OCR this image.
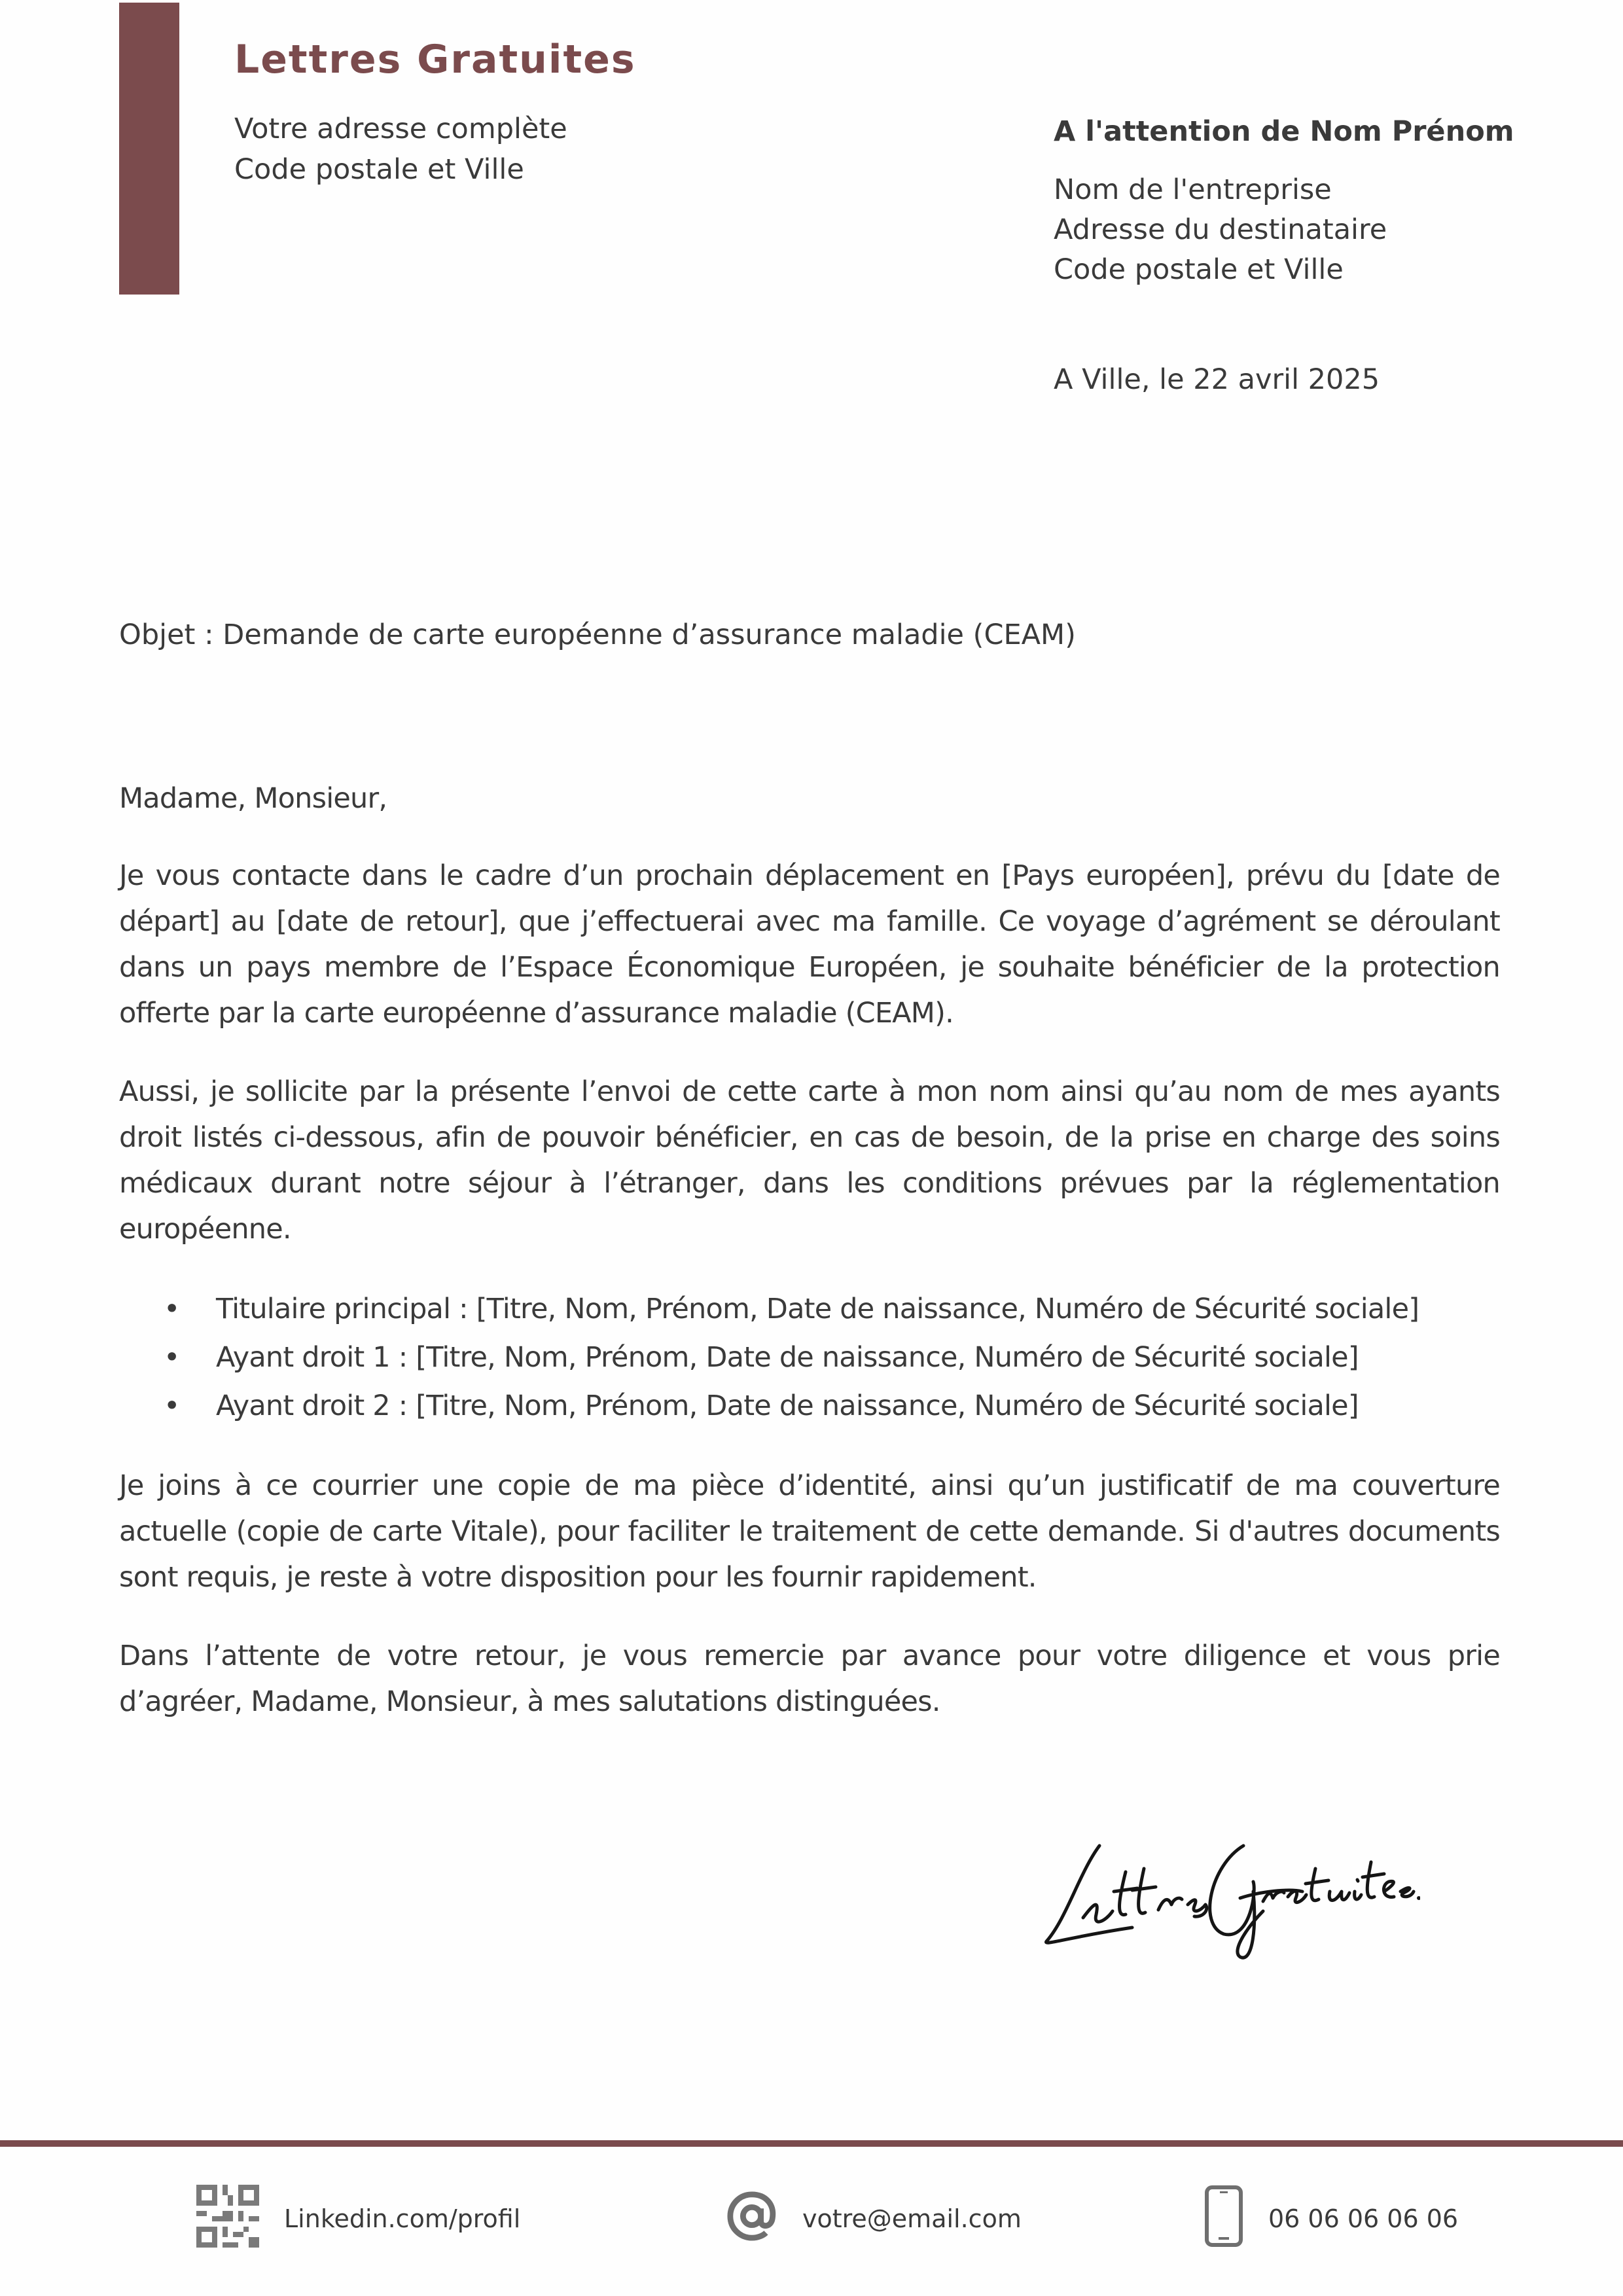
Lettres Gratuites
Votre adresse complète
Code postale et Ville
A l'attention de Nom Prénom
Nom de l'entreprise
Adresse du destinataire
Code postale et Ville
A Ville, le 22 avril 2025
Objet : Demande de carte européenne d’assurance maladie (CEAM)

Madame, Monsieur,

Je vous contacte dans le cadre d’un prochain déplacement en [Pays européen], prévu du [date de départ] au [date de retour], que j’effectuerai avec ma famille. Ce voyage d’agrément se déroulant dans un pays membre de l’Espace Économique Européen, je souhaite bénéficier de la protection offerte par la carte européenne d’assurance maladie (CEAM).

Aussi, je sollicite par la présente l’envoi de cette carte à mon nom ainsi qu’au nom de mes ayants droit listés ci-dessous, afin de pouvoir bénéficier, en cas de besoin, de la prise en charge des soins médicaux durant notre séjour à l’étranger, dans les conditions prévues par la réglementation européenne.

• Titulaire principal : [Titre, Nom, Prénom, Date de naissance, Numéro de Sécurité sociale]
• Ayant droit 1 : [Titre, Nom, Prénom, Date de naissance, Numéro de Sécurité sociale]
• Ayant droit 2 : [Titre, Nom, Prénom, Date de naissance, Numéro de Sécurité sociale]

Je joins à ce courrier une copie de ma pièce d’identité, ainsi qu’un justificatif de ma couverture actuelle (copie de carte Vitale), pour faciliter le traitement de cette demande. Si d'autres documents sont requis, je reste à votre disposition pour les fournir rapidement.

Dans l’attente de votre retour, je vous remercie par avance pour votre diligence et vous prie d’agréer, Madame, Monsieur, à mes salutations distinguées.

Linkedin.com/profil	votre@email.com	06 06 06 06 06
